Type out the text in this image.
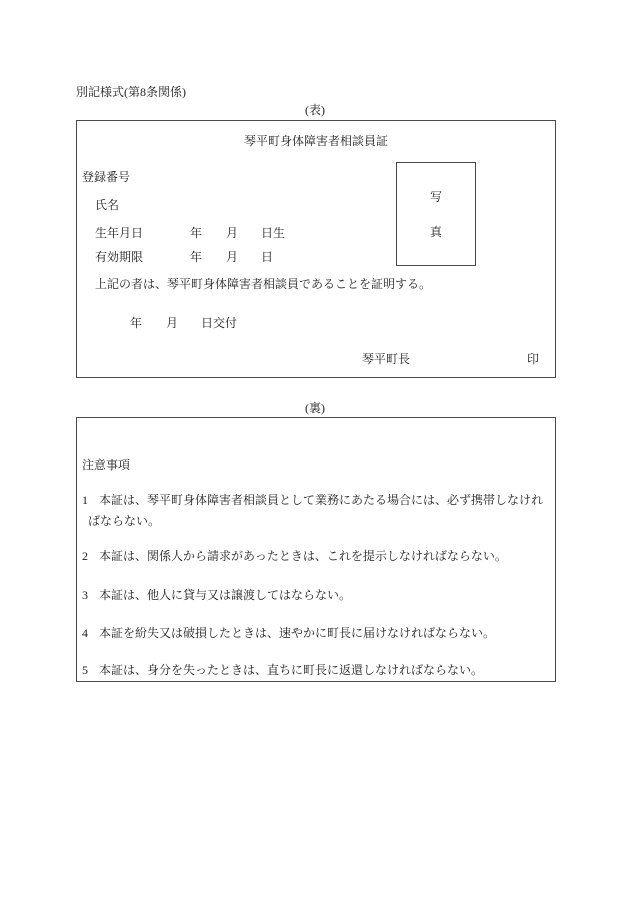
別記様式(第8条関係)
(表)
琴平町身体障害者相談員証
登録番号
写
真
氏名
生年月日	年 月 日生
有効期限	年 月 日
上記の者は、琴平町身体障害者相談員であることを証明する。
年 月 日交付
琴平町長	印
(裏)
注意事項
1 本証は、琴平町身体障害者相談員として業務にあたる場合には、必ず携帯しなければならない。
2 本証は、関係人から請求があったときは、これを提示しなければならない。
3 本証は、他人に貸与又は譲渡してはならない。
4 本証を紛失又は破損したときは、速やかに町長に届けなければならない。
5 本証は、身分を失ったときは、直ちに町長に返還しなければならない。
